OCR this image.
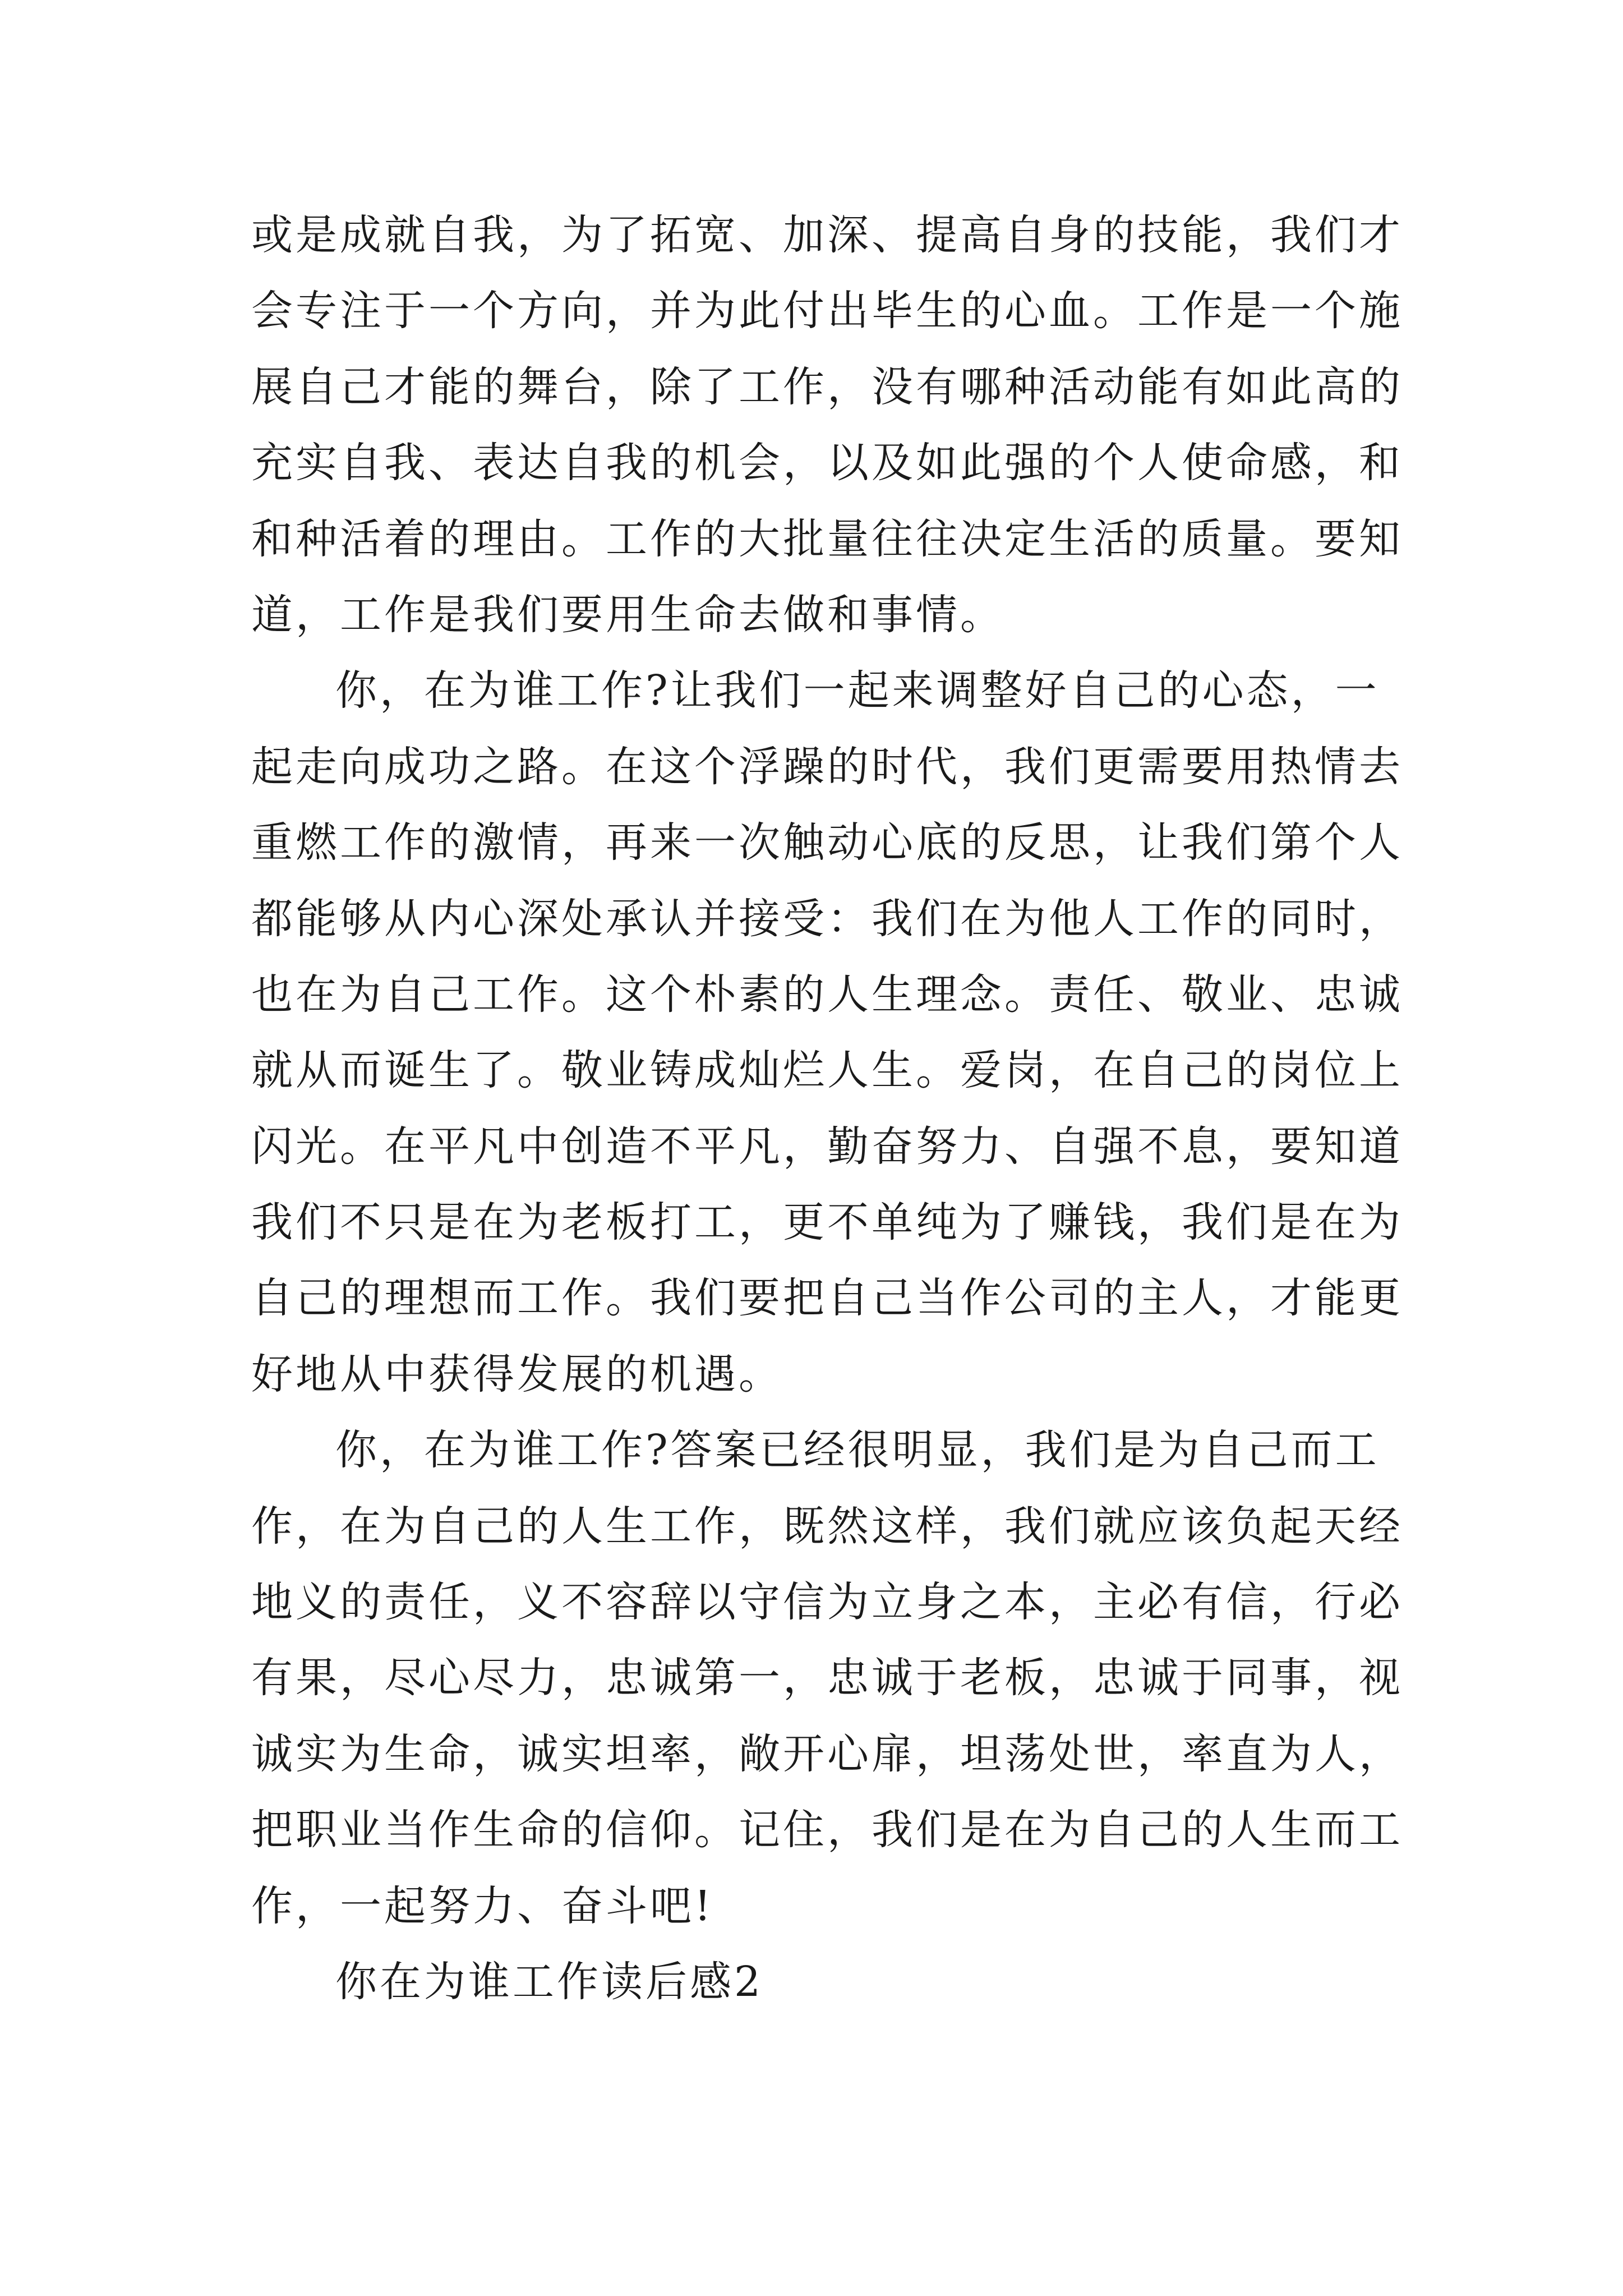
或是成就自我，为了拓宽、加深、提高自身的技能，我们才
会专注于一个方向，并为此付出毕生的心血。工作是一个施
展自己才能的舞台，除了工作，没有哪种活动能有如此高的
充实自我、表达自我的机会，以及如此强的个人使命感，和
和种活着的理由。工作的大批量往往决定生活的质量。要知
道，工作是我们要用生命去做和事情。
你，在为谁工作?让我们一起来调整好自己的心态，一
起走向成功之路。在这个浮躁的时代，我们更需要用热情去
重燃工作的激情，再来一次触动心底的反思，让我们第个人
都能够从内心深处承认并接受：我们在为他人工作的同时，
也在为自己工作。这个朴素的人生理念。责任、敬业、忠诚
就从而诞生了。敬业铸成灿烂人生。爱岗，在自己的岗位上
闪光。在平凡中创造不平凡，勤奋努力、自强不息，要知道
我们不只是在为老板打工，更不单纯为了赚钱，我们是在为
自己的理想而工作。我们要把自己当作公司的主人，才能更
好地从中获得发展的机遇。
你，在为谁工作?答案已经很明显，我们是为自己而工
作，在为自己的人生工作，既然这样，我们就应该负起天经
地义的责任，义不容辞以守信为立身之本，主必有信，行必
有果，尽心尽力，忠诚第一，忠诚于老板，忠诚于同事，视
诚实为生命，诚实坦率，敞开心扉，坦荡处世，率直为人，
把职业当作生命的信仰。记住，我们是在为自己的人生而工
作，一起努力、奋斗吧!
你在为谁工作读后感2
